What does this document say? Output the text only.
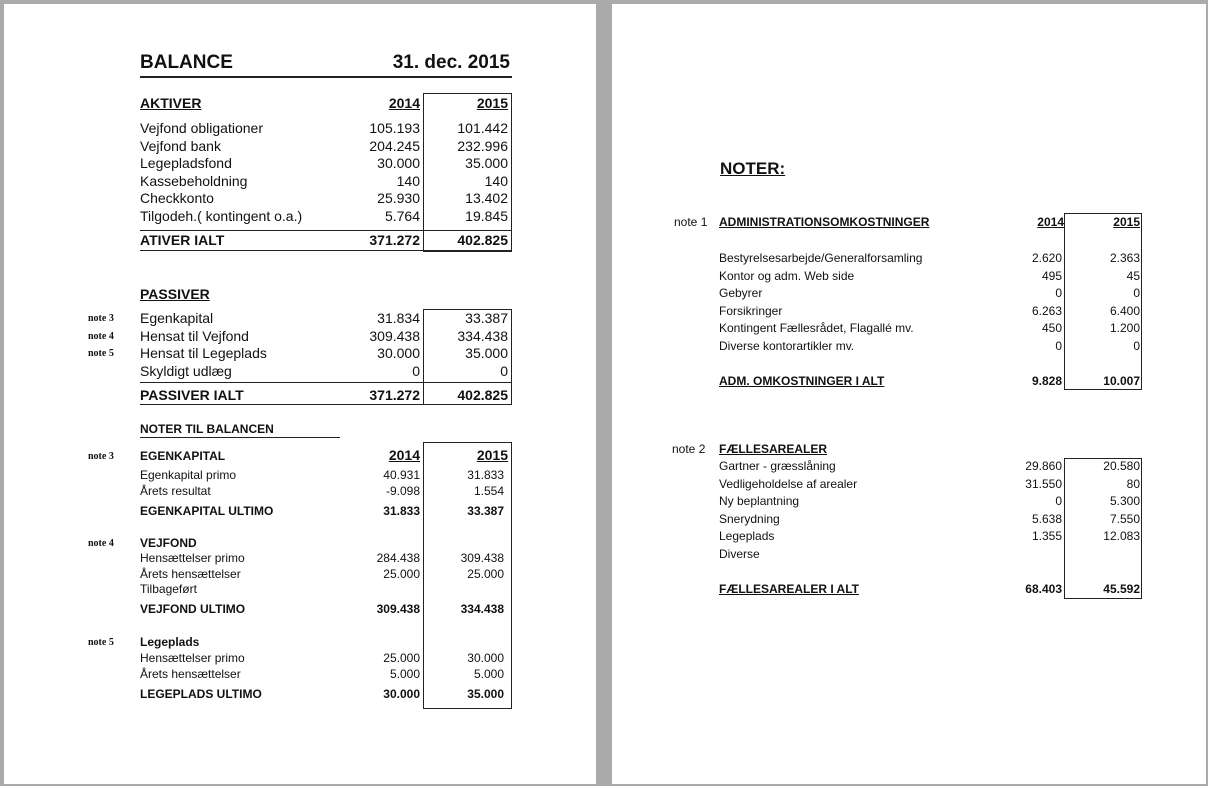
BALANCE	31. dec. 2015
AKTIVER	2014	2015
Vejfond obligationer	105.193	101.442
Vejfond bank	204.245	232.996
Legepladsfond	30.000	35.000
Kassebeholdning	140	140
Checkkonto	25.930	13.402
Tilgodeh.( kontingent o.a.)	5.764	19.845
ATIVER IALT	371.272	402.825
PASSIVER
note 3 Egenkapital	31.834	33.387
note 4 Hensat til Vejfond	309.438	334.438
note 5 Hensat til Legeplads	30.000	35.000
Skyldigt udlæg	0	0
PASSIVER IALT	371.272	402.825
NOTER TIL BALANCEN
note 3 EGENKAPITAL	2014	2015
Egenkapital primo	40.931	31.833
Årets resultat	-9.098	1.554
EGENKAPITAL ULTIMO	31.833	33.387
note 4 VEJFOND
Hensættelser primo	284.438	309.438
Årets hensættelser	25.000	25.000
Tilbageført
VEJFOND ULTIMO	309.438	334.438
note 5 Legeplads
Hensættelser primo	25.000	30.000
Årets hensættelser	5.000	5.000
LEGEPLADS ULTIMO	30.000	35.000
NOTER:
note 1 ADMINISTRATIONSOMKOSTNINGER	2014	2015
Bestyrelsesarbejde/Generalforsamling	2.620	2.363
Kontor og adm. Web side	495	45
Gebyrer	0	0
Forsikringer	6.263	6.400
Kontingent Fællesrådet, Flagallé mv.	450	1.200
Diverse kontorartikler mv.	0	0
ADM. OMKOSTNINGER I ALT	9.828	10.007
note 2 FÆLLESAREALER
Gartner - græsslåning	29.860	20.580
Vedligeholdelse af arealer	31.550	80
Ny beplantning	0	5.300
Snerydning	5.638	7.550
Legeplads	1.355	12.083
Diverse
FÆLLESAREALER I ALT	68.403	45.592
